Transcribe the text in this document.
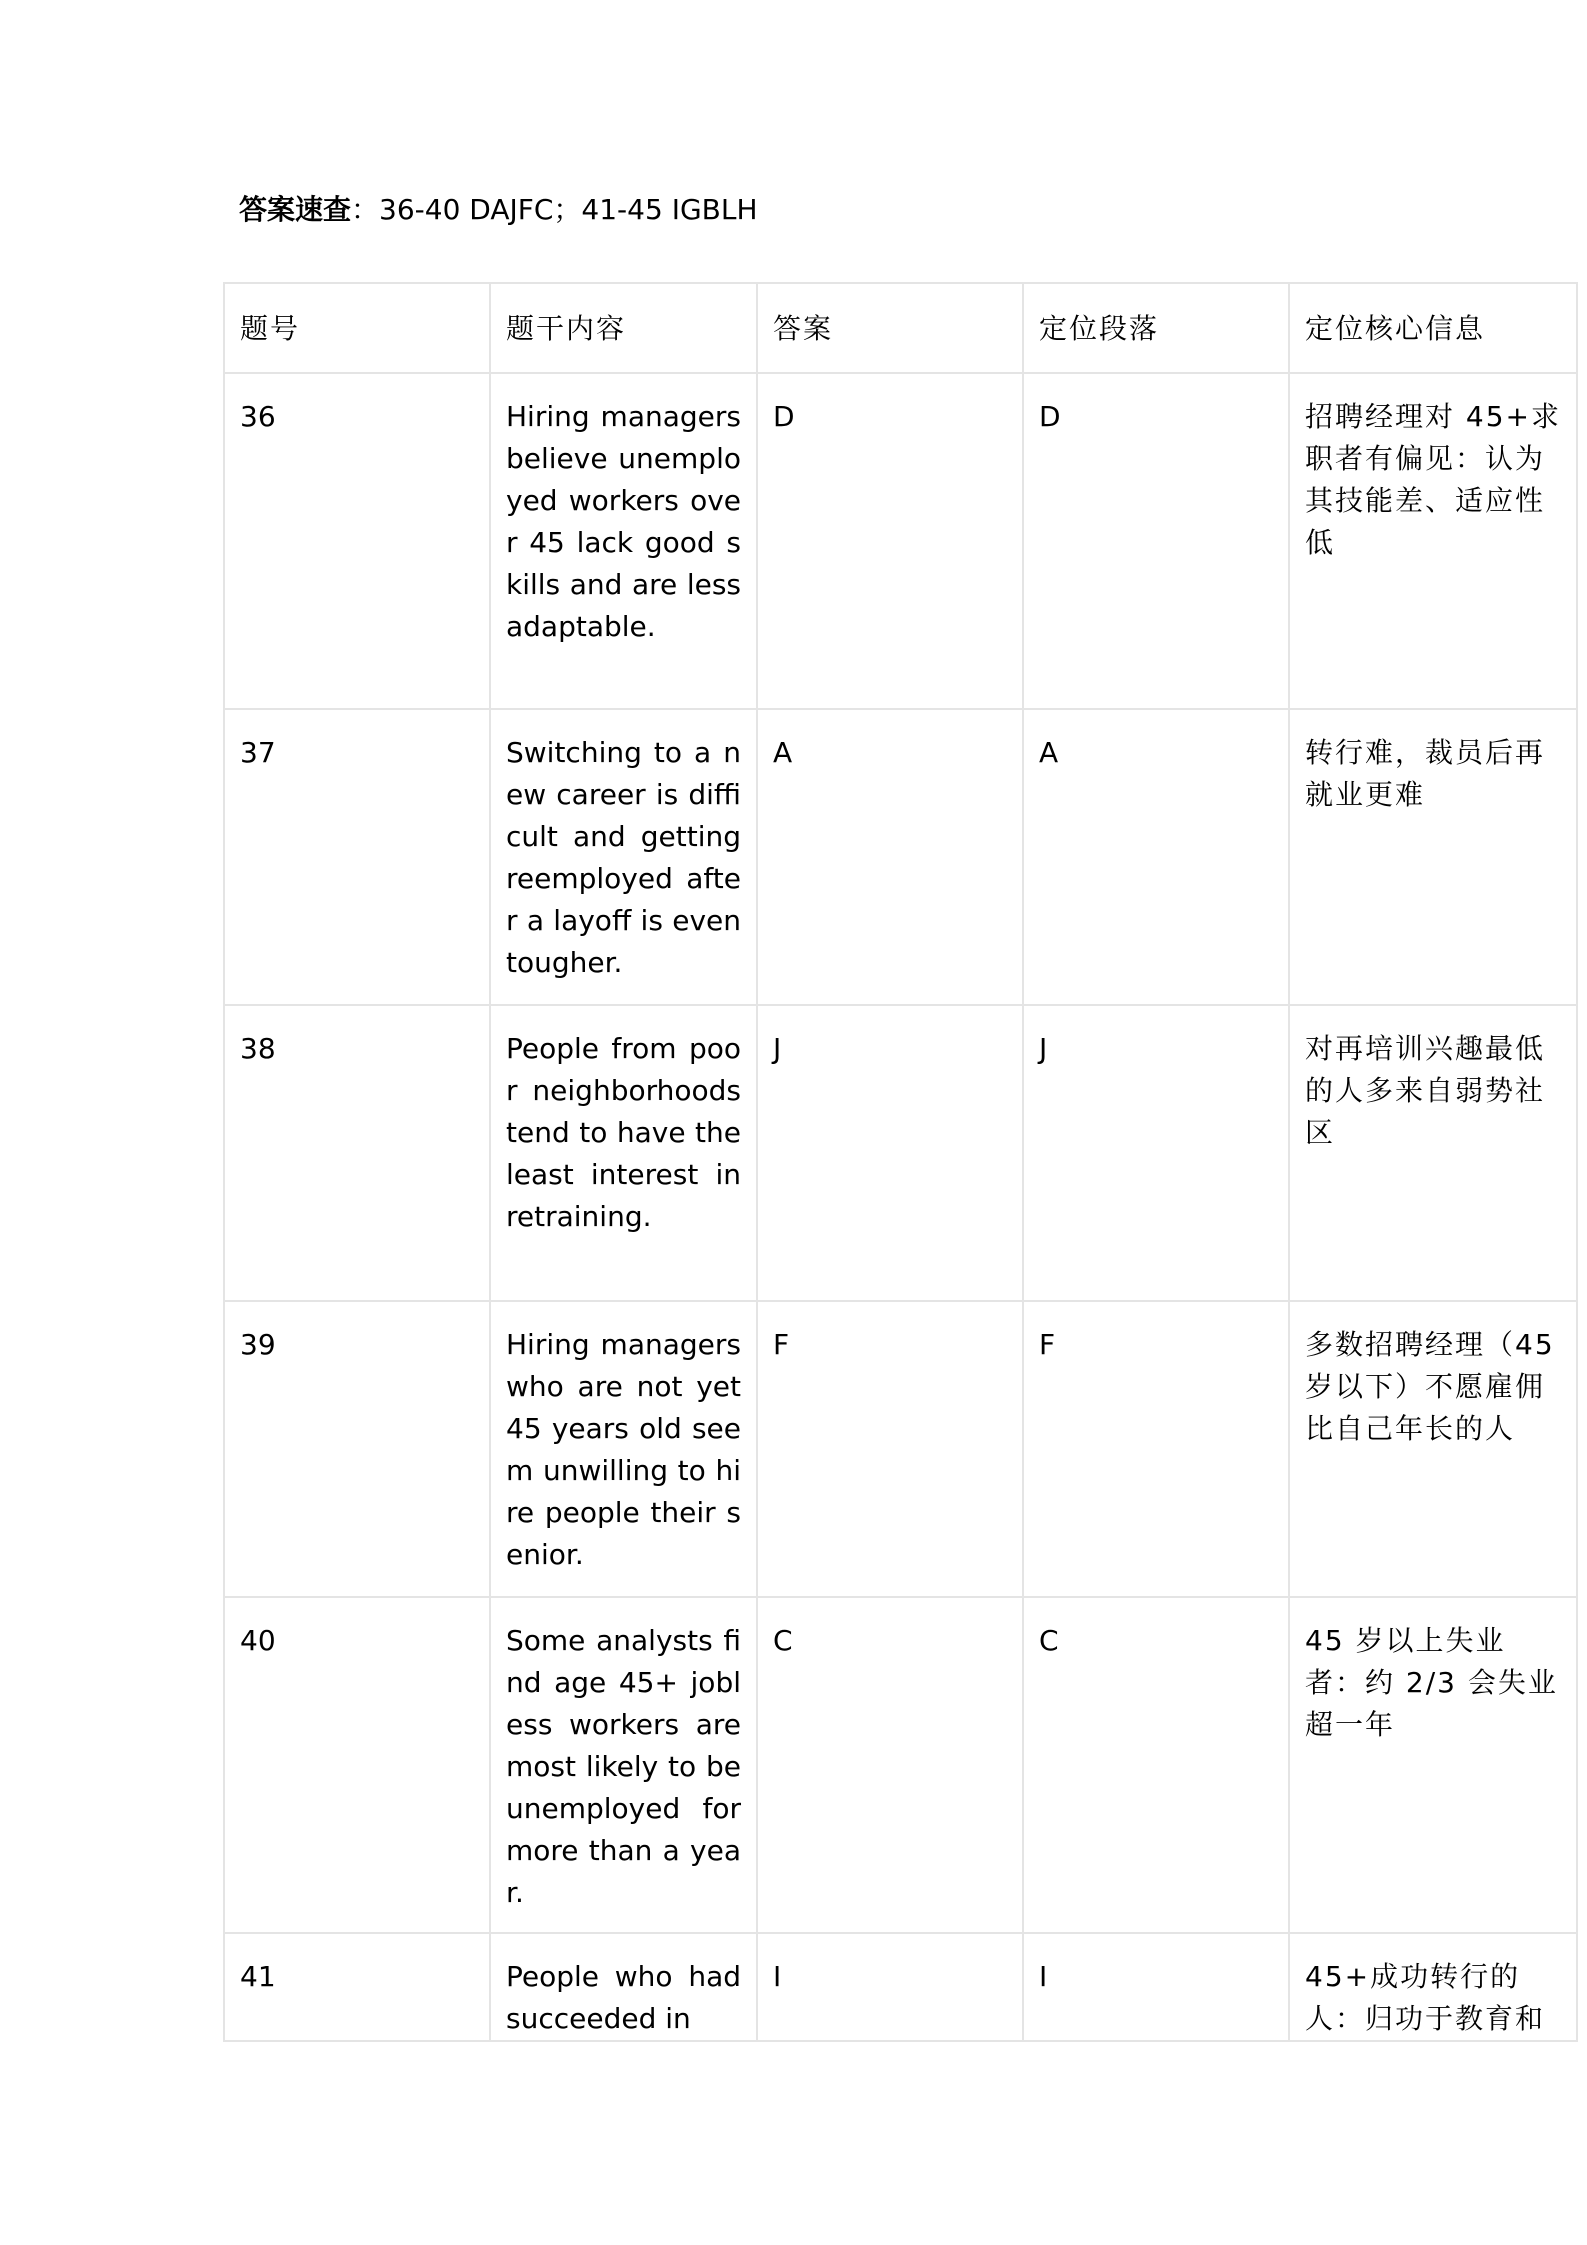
答案速查：36-40 DAJFC；41-45 IGBLH
题号	题干内容	答案	定位段落	定位核心信息
36	Hiring managers believe unemployed workers over 45 lack good skills and are less adaptable.	D	D	招聘经理对 45+求职者有偏见：认为其技能差、适应性低
37	Switching to a new career is difficult and getting reemployed after a layoff is even tougher.	A	A	转行难，裁员后再就业更难
38	People from poor neighborhoods tend to have the least interest in retraining.	J	J	对再培训兴趣最低的人多来自弱势社区
39	Hiring managers who are not yet 45 years old seem unwilling to hire people their senior.	F	F	多数招聘经理（45 岁以下）不愿雇佣比自己年长的人
40	Some analysts find age 45+ jobless workers are most likely to be unemployed for more than a year.	C	C	45 岁以上失业者：约 2/3 会失业超一年
41	People who had succeeded in	I	I	45+成功转行的人：归功于教育和
